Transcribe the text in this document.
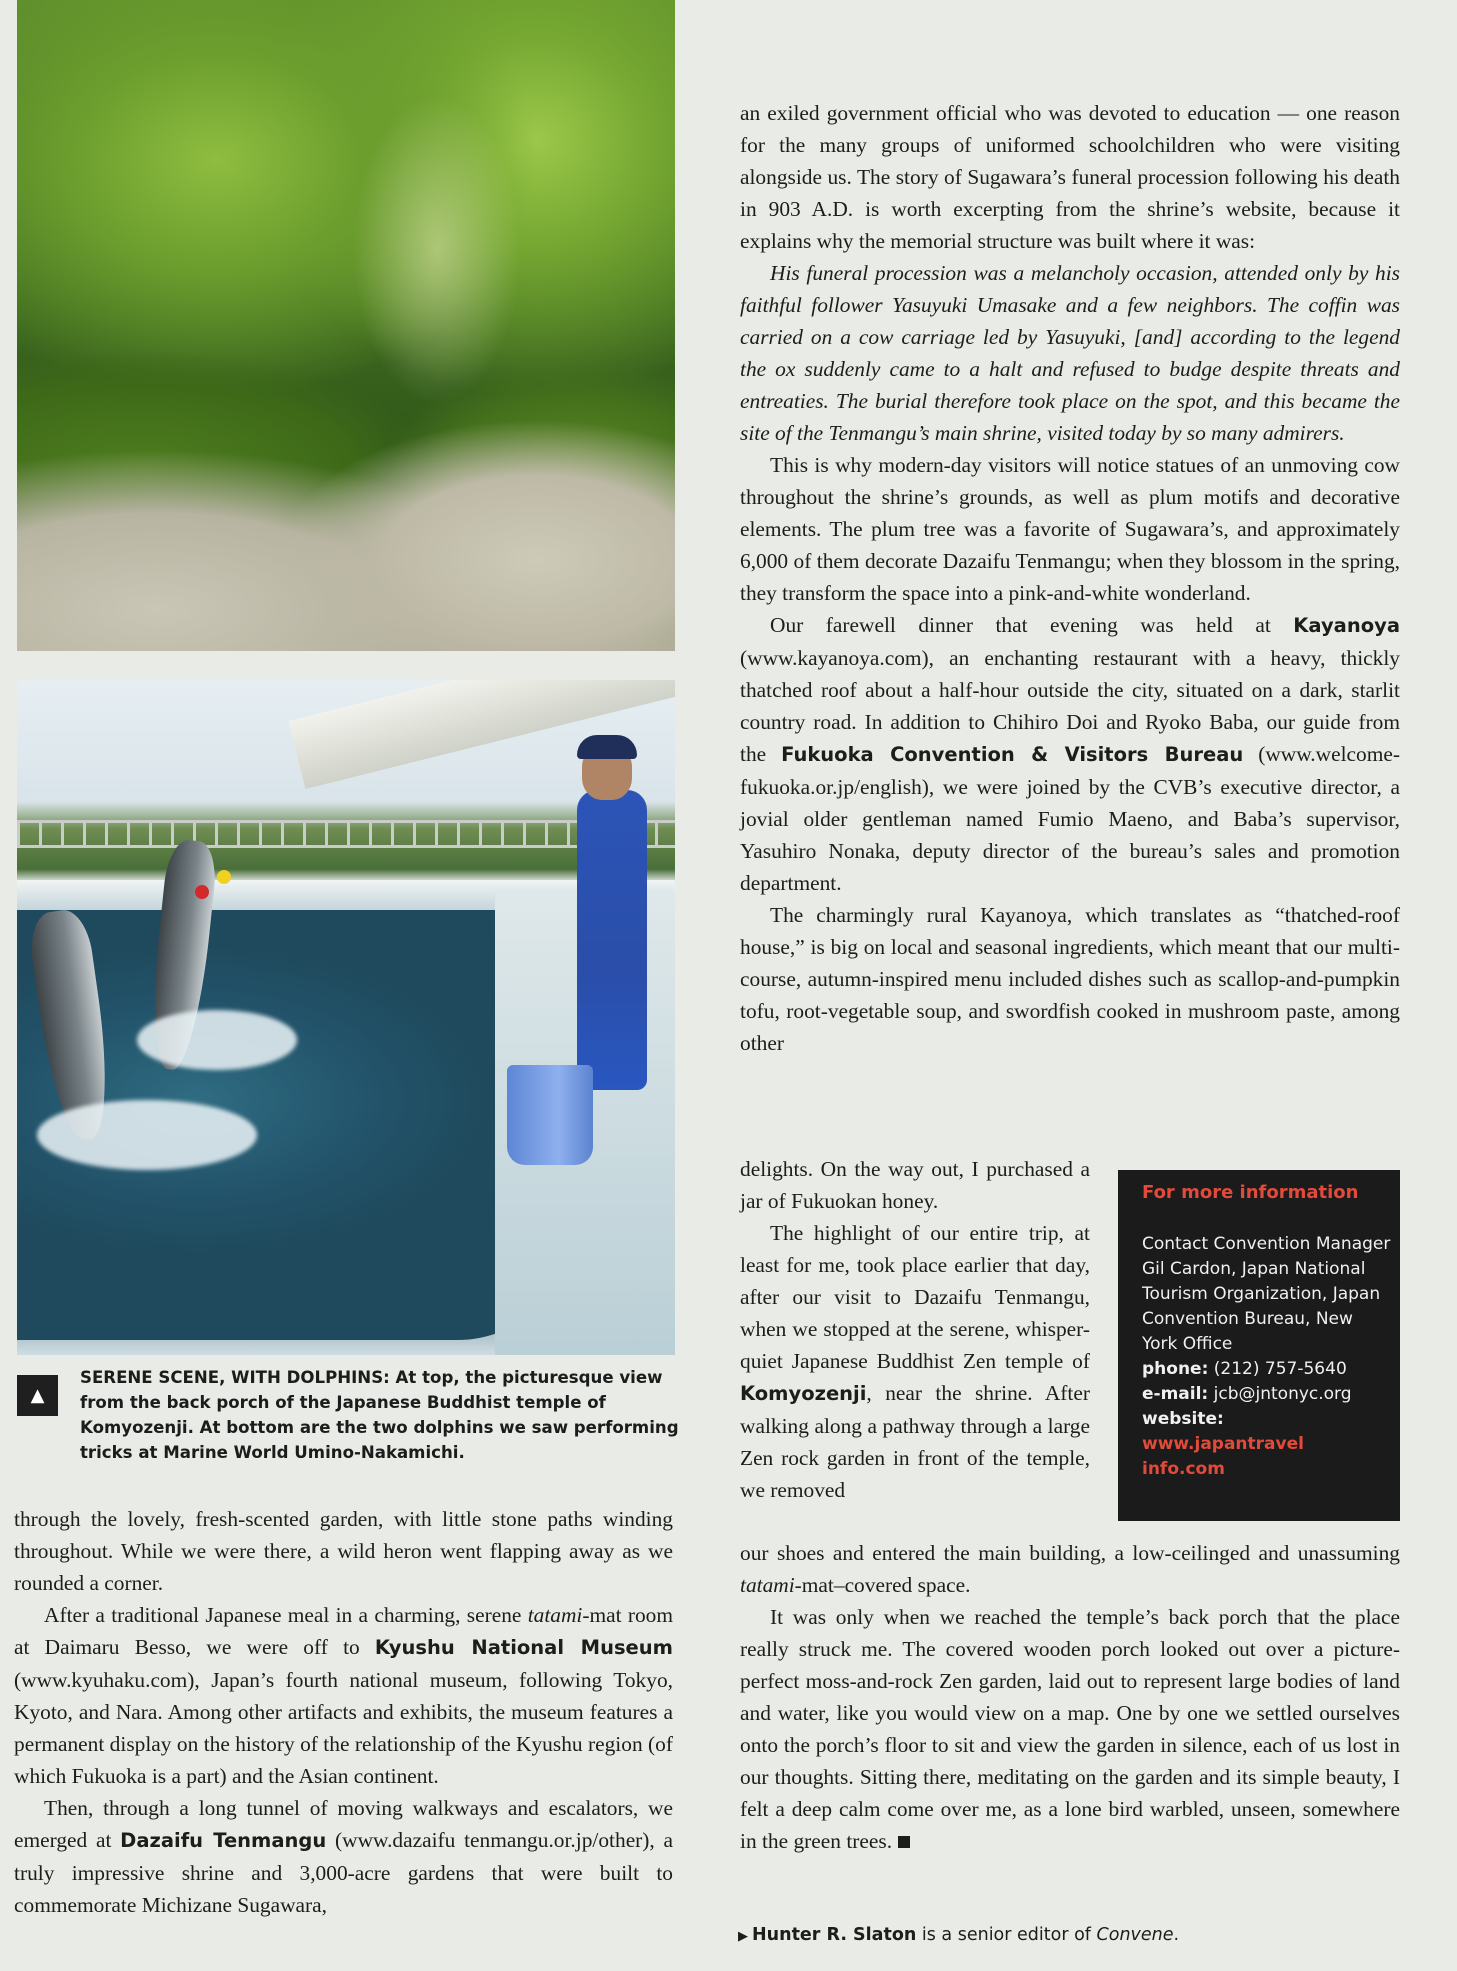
▲
SERENE SCENE, WITH DOLPHINS: At top, the picturesque view from the back porch of the Japanese Buddhist temple of Komyozenji. At bottom are the two dolphins we saw performing tricks at Marine World Umino-Nakamichi.

through the lovely, fresh-scented garden, with little stone paths winding throughout. While we were there, a wild heron went flapping away as we rounded a corner.

After a traditional Japanese meal in a charming, serene tatami-mat room at Daimaru Besso, we were off to Kyushu National Museum (www.kyuhaku.com), Japan’s fourth national museum, following Tokyo, Kyoto, and Nara. Among other artifacts and exhibits, the museum features a permanent display on the history of the relationship of the Kyushu region (of which Fukuoka is a part) and the Asian continent.

Then, through a long tunnel of moving walkways and escalators, we emerged at Dazaifu Tenmangu (www.dazaifu tenmangu.or.jp/other), a truly impressive shrine and 3,000-acre gardens that were built to commemorate Michizane Sugawara,

an exiled government official who was devoted to education — one reason for the many groups of uniformed schoolchildren who were visiting alongside us. The story of Sugawara’s funeral procession following his death in 903 A.D. is worth excerpting from the shrine’s website, because it explains why the memorial structure was built where it was:

His funeral procession was a melancholy occasion, attended only by his faithful follower Yasuyuki Umasake and a few neighbors. The coffin was carried on a cow carriage led by Yasuyuki, [and] according to the legend the ox suddenly came to a halt and refused to budge despite threats and entreaties. The burial therefore took place on the spot, and this became the site of the Tenmangu’s main shrine, visited today by so many admirers.

This is why modern-day visitors will notice statues of an unmoving cow throughout the shrine’s grounds, as well as plum motifs and decorative elements. The plum tree was a favorite of Sugawara’s, and approximately 6,000 of them decorate Dazaifu Tenmangu; when they blossom in the spring, they transform the space into a pink-and-white wonderland.

Our farewell dinner that evening was held at Kayanoya (www.kayanoya.com), an enchanting restaurant with a heavy, thickly thatched roof about a half-hour outside the city, situated on a dark, starlit country road. In addition to Chihiro Doi and Ryoko Baba, our guide from the Fukuoka Convention & Visitors Bureau (www.welcome-fukuoka.or.jp/english), we were joined by the CVB’s executive director, a jovial older gentleman named Fumio Maeno, and Baba’s supervisor, Yasuhiro Nonaka, deputy director of the bureau’s sales and promotion department.

The charmingly rural Kayanoya, which translates as “thatched-roof house,” is big on local and seasonal ingredients, which meant that our multi-course, autumn-inspired menu included dishes such as scallop-and-pumpkin tofu, root-vegetable soup, and swordfish cooked in mushroom paste, among other

delights. On the way out, I purchased a jar of Fukuokan honey.

The highlight of our entire trip, at least for me, took place earlier that day, after our visit to Dazaifu Tenmangu, when we stopped at the serene, whisper-quiet Japanese Buddhist Zen temple of Komyozenji, near the shrine. After walking along a pathway through a large Zen rock garden in front of the temple, we removed

our shoes and entered the main building, a low-ceilinged and unassuming tatami-mat–covered space.

It was only when we reached the temple’s back porch that the place really struck me. The covered wooden porch looked out over a picture-perfect moss-and-rock Zen garden, laid out to represent large bodies of land and water, like you would view on a map. One by one we settled ourselves onto the porch’s floor to sit and view the garden in silence, each of us lost in our thoughts. Sitting there, meditating on the garden and its simple beauty, I felt a deep calm come over me, as a lone bird warbled, unseen, somewhere in the green trees.

For more information
Contact Convention Manager Gil Cardon, Japan National Tourism Organization, Japan Convention Bureau, New York Office
phone: (212) 757-5640
e-mail: jcb@jntonyc.org
website:
www.japantravel info.com
▶ Hunter R. Slaton is a senior editor of Convene.
